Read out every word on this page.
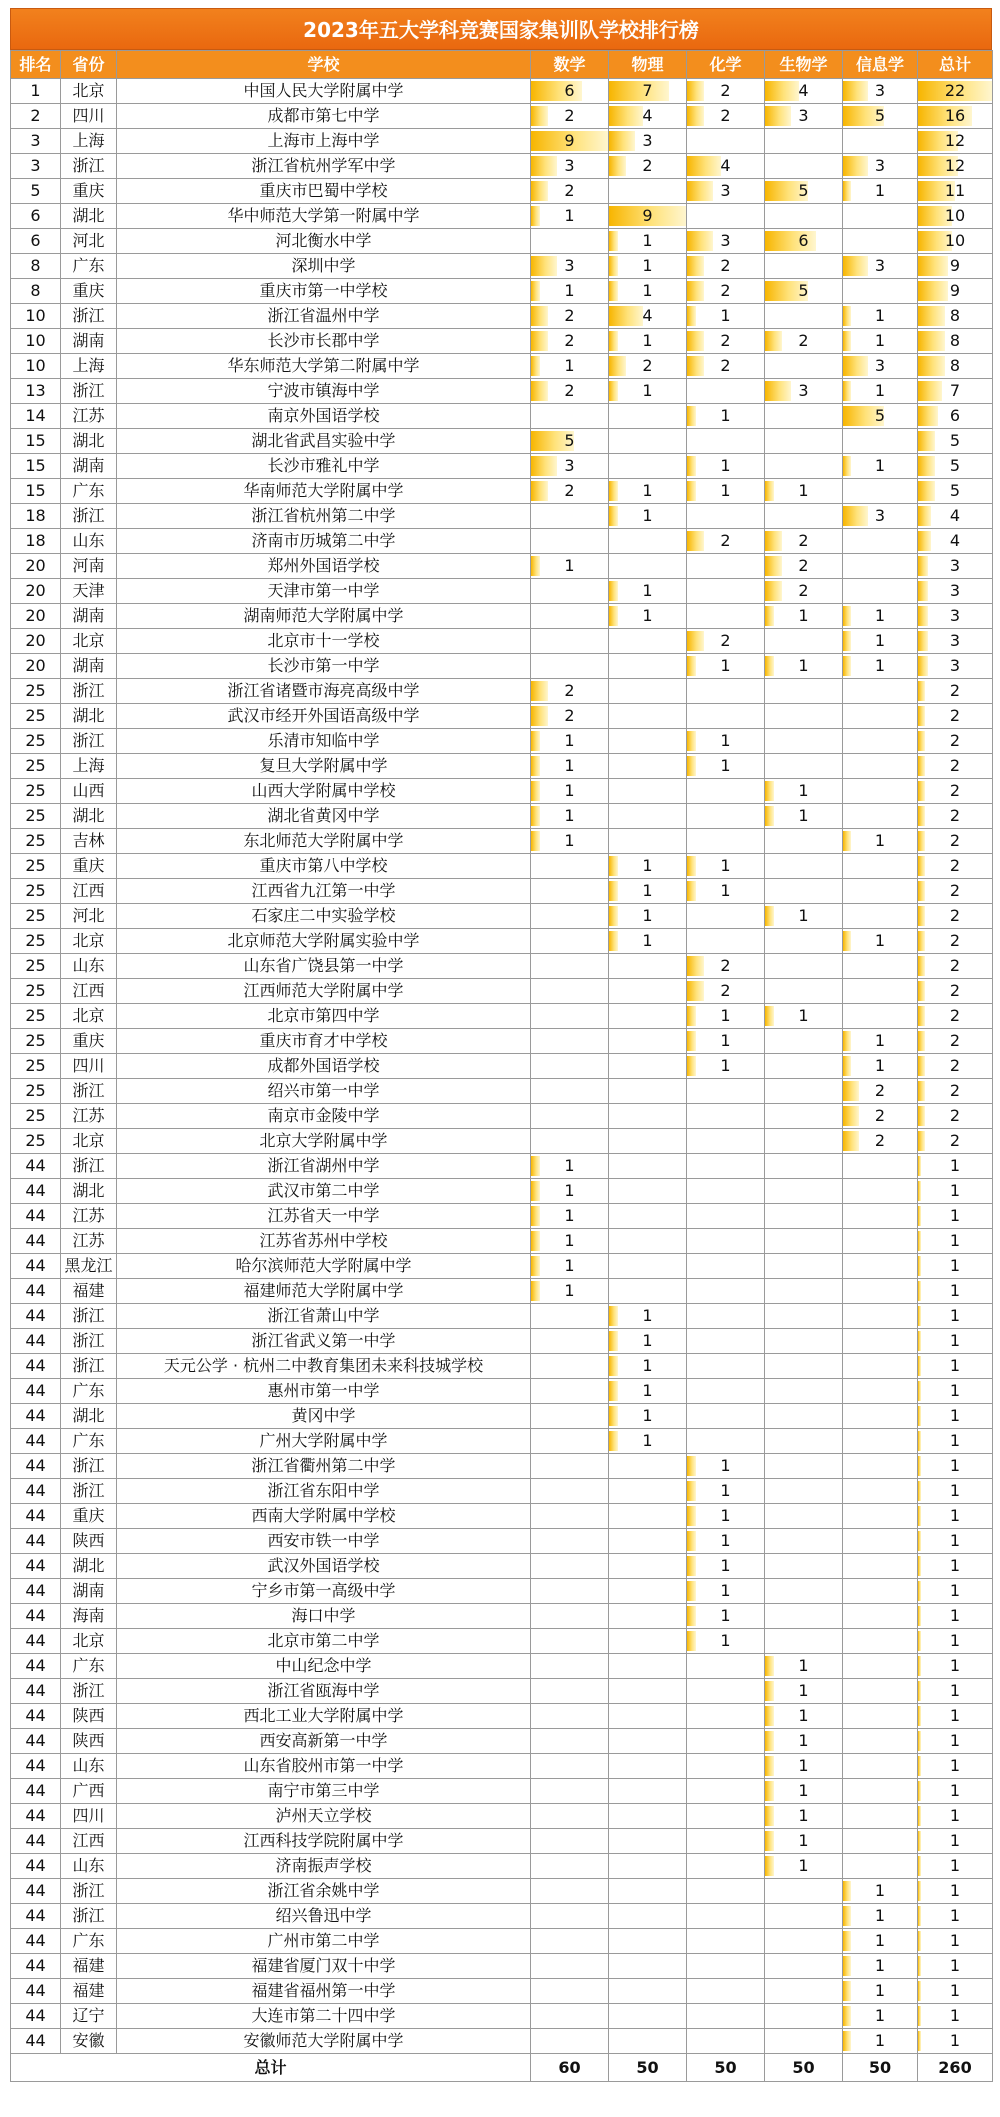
2023年五大学科竞赛国家集训队学校排行榜
排名	省份	学校	数学	物理	化学	生物学	信息学	总计
1	北京	中国人民大学附属中学	6	7	2	4	3	22
2	四川	成都市第七中学	2	4	2	3	5	16
3	上海	上海市上海中学	9	3				12
3	浙江	浙江省杭州学军中学	3	2	4		3	12
5	重庆	重庆市巴蜀中学校	2		3	5	1	11
6	湖北	华中师范大学第一附属中学	1	9				10
6	河北	河北衡水中学		1	3	6		10
8	广东	深圳中学	3	1	2		3	9
8	重庆	重庆市第一中学校	1	1	2	5		9
10	浙江	浙江省温州中学	2	4	1		1	8
10	湖南	长沙市长郡中学	2	1	2	2	1	8
10	上海	华东师范大学第二附属中学	1	2	2		3	8
13	浙江	宁波市镇海中学	2	1		3	1	7
14	江苏	南京外国语学校			1		5	6
15	湖北	湖北省武昌实验中学	5					5
15	湖南	长沙市雅礼中学	3		1		1	5
15	广东	华南师范大学附属中学	2	1	1	1		5
18	浙江	浙江省杭州第二中学		1			3	4
18	山东	济南市历城第二中学			2	2		4
20	河南	郑州外国语学校	1			2		3
20	天津	天津市第一中学		1		2		3
20	湖南	湖南师范大学附属中学		1		1	1	3
20	北京	北京市十一学校			2		1	3
20	湖南	长沙市第一中学			1	1	1	3
25	浙江	浙江省诸暨市海亮高级中学	2					2
25	湖北	武汉市经开外国语高级中学	2					2
25	浙江	乐清市知临中学	1		1			2
25	上海	复旦大学附属中学	1		1			2
25	山西	山西大学附属中学校	1			1		2
25	湖北	湖北省黄冈中学	1			1		2
25	吉林	东北师范大学附属中学	1				1	2
25	重庆	重庆市第八中学校		1	1			2
25	江西	江西省九江第一中学		1	1			2
25	河北	石家庄二中实验学校		1		1		2
25	北京	北京师范大学附属实验中学		1			1	2
25	山东	山东省广饶县第一中学			2			2
25	江西	江西师范大学附属中学			2			2
25	北京	北京市第四中学			1	1		2
25	重庆	重庆市育才中学校			1		1	2
25	四川	成都外国语学校			1		1	2
25	浙江	绍兴市第一中学					2	2
25	江苏	南京市金陵中学					2	2
25	北京	北京大学附属中学					2	2
44	浙江	浙江省湖州中学	1					1
44	湖北	武汉市第二中学	1					1
44	江苏	江苏省天一中学	1					1
44	江苏	江苏省苏州中学校	1					1
44	黑龙江	哈尔滨师范大学附属中学	1					1
44	福建	福建师范大学附属中学	1					1
44	浙江	浙江省萧山中学		1				1
44	浙江	浙江省武义第一中学		1				1
44	浙江	天元公学 · 杭州二中教育集团未来科技城学校		1				1
44	广东	惠州市第一中学		1				1
44	湖北	黄冈中学		1				1
44	广东	广州大学附属中学		1				1
44	浙江	浙江省衢州第二中学			1			1
44	浙江	浙江省东阳中学			1			1
44	重庆	西南大学附属中学校			1			1
44	陕西	西安市铁一中学			1			1
44	湖北	武汉外国语学校			1			1
44	湖南	宁乡市第一高级中学			1			1
44	海南	海口中学			1			1
44	北京	北京市第二中学			1			1
44	广东	中山纪念中学				1		1
44	浙江	浙江省瓯海中学				1		1
44	陕西	西北工业大学附属中学				1		1
44	陕西	西安高新第一中学				1		1
44	山东	山东省胶州市第一中学				1		1
44	广西	南宁市第三中学				1		1
44	四川	泸州天立学校				1		1
44	江西	江西科技学院附属中学				1		1
44	山东	济南振声学校				1		1
44	浙江	浙江省余姚中学					1	1
44	浙江	绍兴鲁迅中学					1	1
44	广东	广州市第二中学					1	1
44	福建	福建省厦门双十中学					1	1
44	福建	福建省福州第一中学					1	1
44	辽宁	大连市第二十四中学					1	1
44	安徽	安徽师范大学附属中学					1	1
总计			60	50	50	50	50	260
